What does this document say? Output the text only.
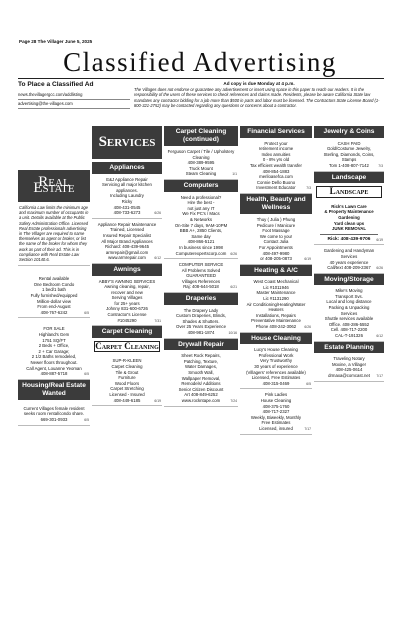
Page 28 The Villager June 5, 2025
Classified Advertising
To Place a Classified Ad
news.thevillagergcc.com/addlisting
advertising@the-villages.com
Ad copy is due Monday at 4 p.m.
The Villages does not endorse or guarantee any advertisement or insert using space in this paper to reach our readers. It is the responsibility of the users of these services to check references and claims made. Residents, please be aware California State law mandates any contractor bidding for a job more than $500 in parts and labor must be licensed. The Contractors State License Board (1-800-321-2752) may be contacted regarding any questions or concerns about a contractor.
Real Estate
California Law limits the minimum age and maximum number of occupants in a unit. Details available at the Public Safety Administration Office. Licensed Real Estate professionals advertising in The Villager are required to name themselves as agent or broker, or list the name of the broker for whom they work as part of their ad. This is in compliance with Real Estate Law Section 10140.6.
Rental available
One Bedroom Condo
1 bed/1 bath
Fully furnished/equipped
Million-dollar view
From end-August
408-767-6242	6/5
FOR SALE
Highland's Gem
1751 SQ/FT
2 Beds + Office,
2 + Car Garage;
2 1/2 Baths remodeled,
Newer floors throughout.
Call Agent, Louanne Yeoman
408-887-5718	6/5
Housing/Real Estate Wanted
Current Villages female resident seeks room rental/condo share.
669-301-0933	6/5
Services
Appliances
E&J Appliance Repair
Servicing all major kitchen appliances.
Including Laundry
Ricky
408-431-0545
408-733-6273	6/26
Appliance Repair Maintenance
Trained, Licensed
Insured Repair Specialist
All Major Brand Appliances
Richard: 408-439-9645
armrepair@gmail.com
www.armrepair.com	6/12
Awnings
ABBY'S AWNING SERVICES
Awning cleaning, repair,
recover and new
Serving Villages
for 25+ years
Johnny 831-600-6726
Contractor's License
#1045290	7/31
Carpet Cleaning
Carpet Cleaning
SUP-R-KLEEN
Carpet Cleaning
Tile & Grout
Furniture
Wood Floors
Carpet Stretching
Licensed - Insured
408-449-6185	6/19
Carpet Cleaning (continued)
Ferguson Carpet / Tile / Upholstery Cleaning
408-389-9595
Truck Mount
Steam Cleaning	1/1
Computers
Need a professional?
Hire the best -
not just any IT
We Fix PC's / Macs
& Networks
On-Site 7 days, 9AM-10PM
BBB A+, 2850 Clients,
Same day
408-866-5121
In business since 1998
Computerexpertscorp.com	6/26
COMPUTER SERVICE
All Problems Solved
GUARANTEED
Villages References
Raj: 408-644-5018	6/21
Draperies
The Drapery Lady
Custom Draperies, Blinds,
Shades & Shutters.
Over 25 Years Experience
408-981-1874	10/16
Drywall Repair
Sheet Rock Repairs,
Patching, Texture,
Water Damages,
Smooth Wall,
Wallpaper Removal,
Remodels/ Additions
Senior Citizen Discount
Art 408-849-6252
www.rockntape.com	7/24
Financial Services
Protect your
retirement income
Index annuities
0 - 8% yrs old
Tax efficient wealth transfer
408-854-1883
meriloasefca.com
Connie Dello Buono
Investment Educator	7/3
Health, Beauty and Wellness
Thuy ( Julia ) Phung
Pedicure / Manicure
Foot Massage
We come to you!
Contact Julia
For Appointments
408-497-9980
or 408-205-0873	6/19
Heating & A/C
West Coast Mechanical
Lic #1011946
Master Maintenance
Lic #1131290
Air Conditioning/Heating/Water Heaters
Installations, Repairs
Preventative Maintenance
Phone 408-242-3062	6/26
House Cleaning
Lucy's House Cleaning
Professional Work
Very Trustworthy
30 years of experience
(Villagers' references available)
Licensed, Free Estimates
408-315-0469	6/5
Pink Ladies
House Cleaning
408-375-1760
408-717-2327
Weekly, Biweekly, Monthly
Free Estimates
Licensed, insured	7/17
Jewelry & Coins
CASH PAID
Gold/Costume Jewelry,
Sterling, Diamonds, Coins,
Stamps
Tom 1-408-807-7142	7/3
Landscape
Landscape
Rick's Lawn Care
& Property Maintenance
Gardening
Yard clean ups
JUNK REMOVAL
Rick: 408-439-9706	6/19
Gardening and Handyman Services
40 years experience
Call/text 408-209-2367	6/26
Moving/Storage
Mike's Moving
Transport Svs.
Local and long distance
Packing & Unpacking
Services
Shuttle services available
Office. 408-286-5552
Cell. 408-717-2200
CAL-T-191326	6/12
Estate Planning
Traveling Notary
Moxine, a Villager
408-425-0614
drmaxa@comcast.net	7/17
